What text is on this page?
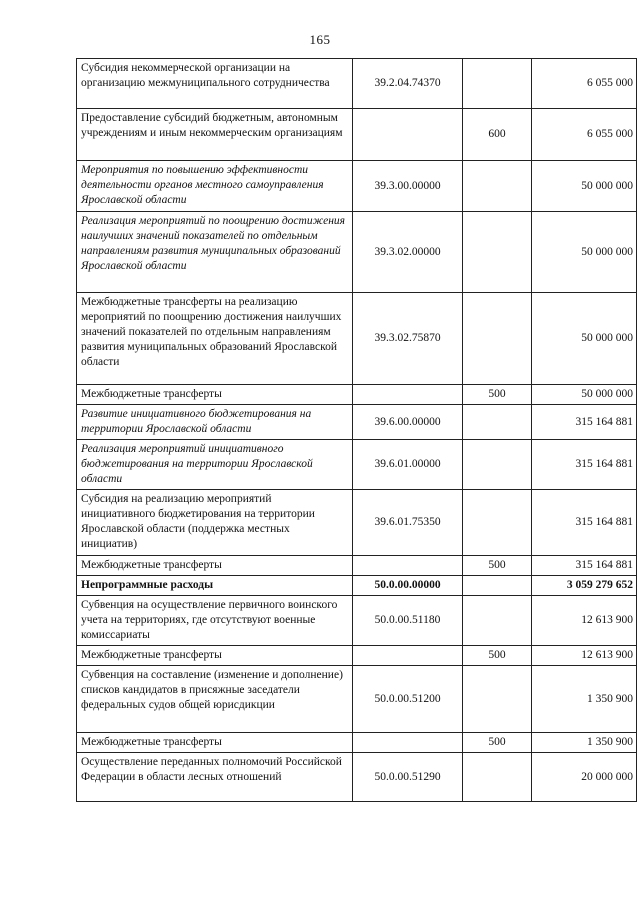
165
Субсидия некоммерческой организации на организацию межмуниципального сотрудничества	39.2.04.74370		6 055 000
Предоставление субсидий бюджетным, автономным учреждениям и иным некоммерческим организациям		600	6 055 000
Мероприятия по повышению эффективности деятельности органов местного самоуправления Ярославской области	39.3.00.00000		50 000 000
Реализация мероприятий по поощрению достижения наилучших значений показателей по отдельным направлениям развития муниципальных образований Ярославской области	39.3.02.00000		50 000 000
Межбюджетные трансферты на реализацию мероприятий по поощрению достижения наилучших значений показателей по отдельным направлениям развития муниципальных образований Ярославской области	39.3.02.75870		50 000 000
Межбюджетные трансферты		500	50 000 000
Развитие инициативного бюджетирования на территории Ярославской области	39.6.00.00000		315 164 881
Реализация мероприятий инициативного бюджетирования на территории Ярославской области	39.6.01.00000		315 164 881
Субсидия на реализацию мероприятий инициативного бюджетирования на территории Ярославской области (поддержка местных инициатив)	39.6.01.75350		315 164 881
Межбюджетные трансферты		500	315 164 881
Непрограммные расходы	50.0.00.00000		3 059 279 652
Субвенция на осуществление первичного воинского учета на территориях, где отсутствуют военные комиссариаты	50.0.00.51180		12 613 900
Межбюджетные трансферты		500	12 613 900
Субвенция на составление (изменение и дополнение) списков кандидатов в присяжные заседатели федеральных судов общей юрисдикции	50.0.00.51200		1 350 900
Межбюджетные трансферты		500	1 350 900
Осуществление переданных полномочий Российской Федерации в области лесных отношений	50.0.00.51290		20 000 000
